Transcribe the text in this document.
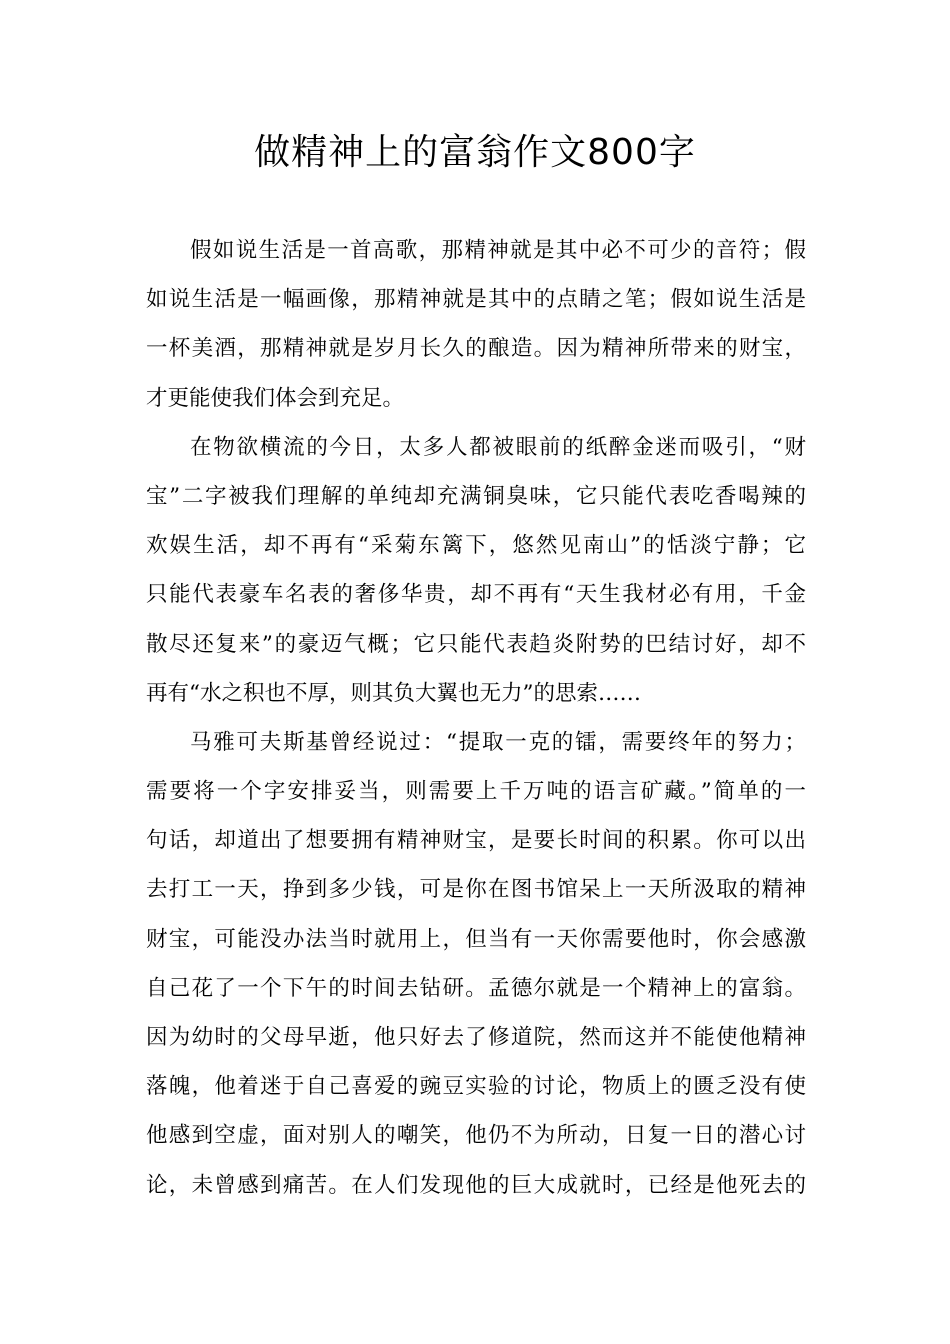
做精神上的富翁作文800字
假如说生活是一首高歌，那精神就是其中必不可少的音符；假
如说生活是一幅画像，那精神就是其中的点睛之笔；假如说生活是
一杯美酒，那精神就是岁月长久的酿造。因为精神所带来的财宝，
才更能使我们体会到充足。
在物欲横流的今日，太多人都被眼前的纸醉金迷而吸引，“财
宝”二字被我们理解的单纯却充满铜臭味，它只能代表吃香喝辣的
欢娱生活，却不再有“采菊东篱下，悠然见南山”的恬淡宁静；它
只能代表豪车名表的奢侈华贵，却不再有“天生我材必有用，千金
散尽还复来”的豪迈气概；它只能代表趋炎附势的巴结讨好，却不
再有“水之积也不厚，则其负大翼也无力”的思索……
马雅可夫斯基曾经说过：“提取一克的镭，需要终年的努力；
需要将一个字安排妥当，则需要上千万吨的语言矿藏。”简单的一
句话，却道出了想要拥有精神财宝，是要长时间的积累。你可以出
去打工一天，挣到多少钱，可是你在图书馆呆上一天所汲取的精神
财宝，可能没办法当时就用上，但当有一天你需要他时，你会感激
自己花了一个下午的时间去钻研。孟德尔就是一个精神上的富翁。
因为幼时的父母早逝，他只好去了修道院，然而这并不能使他精神
落魄，他着迷于自己喜爱的豌豆实验的讨论，物质上的匮乏没有使
他感到空虚，面对别人的嘲笑，他仍不为所动，日复一日的潜心讨
论，未曾感到痛苦。在人们发现他的巨大成就时，已经是他死去的
